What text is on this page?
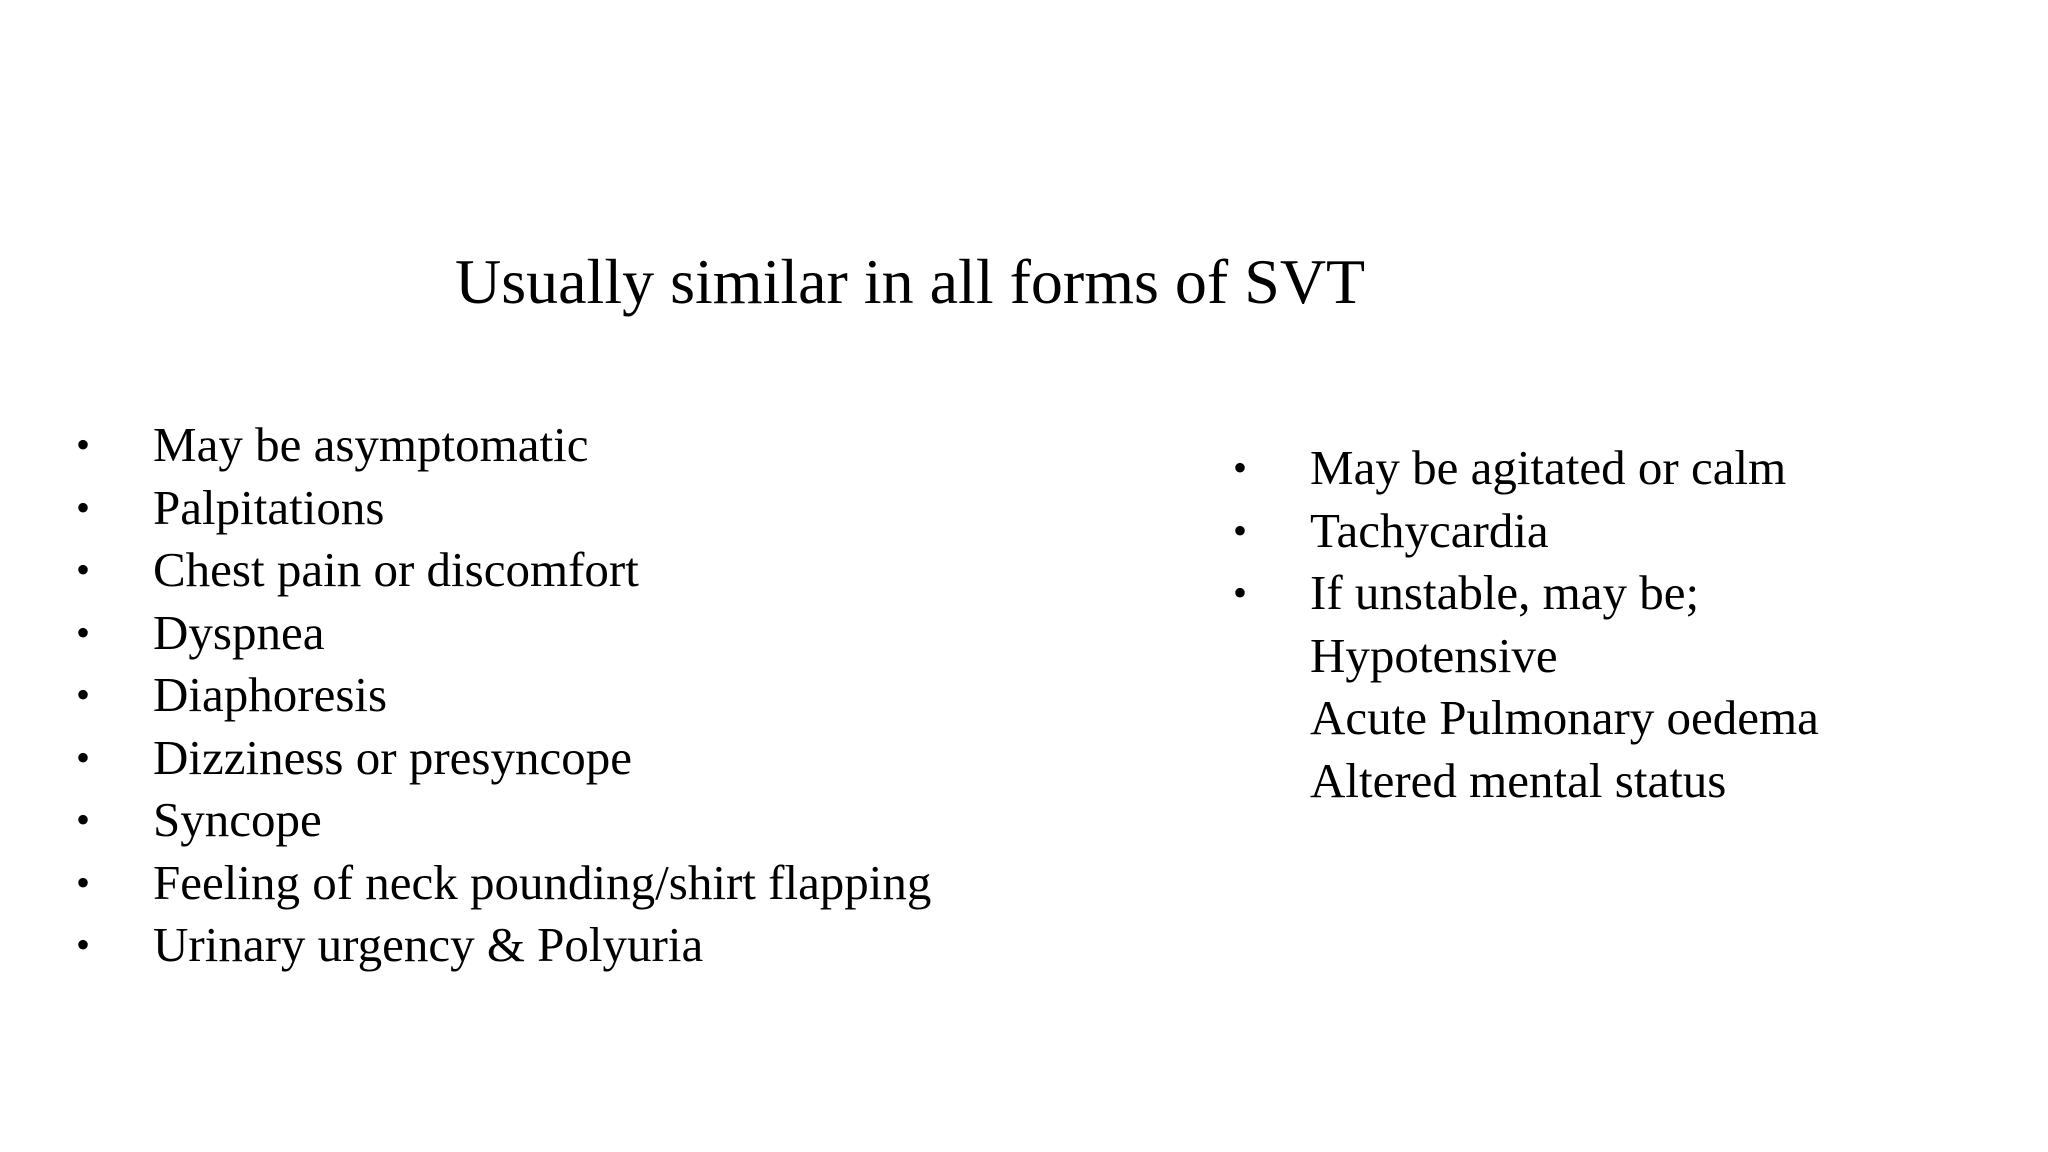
Usually similar in all forms of SVT
• May be asymptomatic
• Palpitations
• Chest pain or discomfort
• Dyspnea
• Diaphoresis
• Dizziness or presyncope
• Syncope
• Feeling of neck pounding/shirt flapping
• Urinary urgency & Polyuria
• May be agitated or calm
• Tachycardia
• If unstable, may be;
Hypotensive
Acute Pulmonary oedema
Altered mental status
